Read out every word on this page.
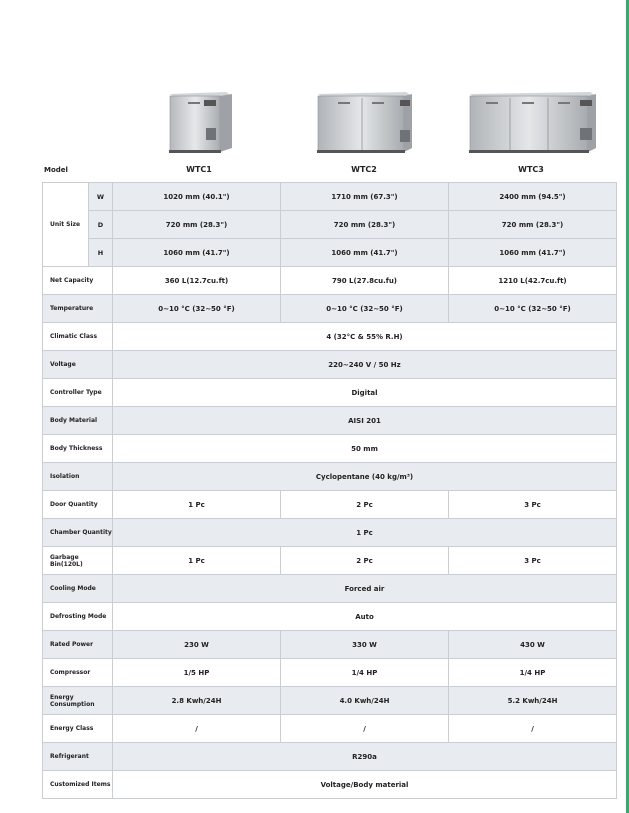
Model	WTC1	WTC2	WTC3
Unit Size	W	1020 mm (40.1")	1710 mm (67.3")	2400 mm (94.5")
	D	720 mm (28.3")	720 mm (28.3")	720 mm (28.3")
	H	1060 mm (41.7")	1060 mm (41.7")	1060 mm (41.7")
Net Capacity		360 L(12.7cu.ft)	790 L(27.8cu.fu)	1210 L(42.7cu.ft)
Temperature		0~10 °C (32~50 °F)	0~10 °C (32~50 °F)	0~10 °C (32~50 °F)
Climatic Class		4 (32°C & 55% R.H)		
Voltage		220~240 V / 50 Hz		
Controller Type		Digital		
Body Material		AISI 201		
Body Thickness		50 mm		
Isolation		Cyclopentane (40 kg/m³)		
Door Quantity		1 Pc	2 Pc	3 Pc
Chamber Quantity		1 Pc		
Garbage Bin(120L)		1 Pc	2 Pc	3 Pc
Cooling Mode		Forced air		
Defrosting Mode		Auto		
Rated Power		230 W	330 W	430 W
Compressor		1/5 HP	1/4 HP	1/4 HP
Energy
Consumption		2.8 Kwh/24H	4.0 Kwh/24H	5.2 Kwh/24H
Energy Class		/	/	/
Refrigerant		R290a		
Customized Items		Voltage/Body material		
